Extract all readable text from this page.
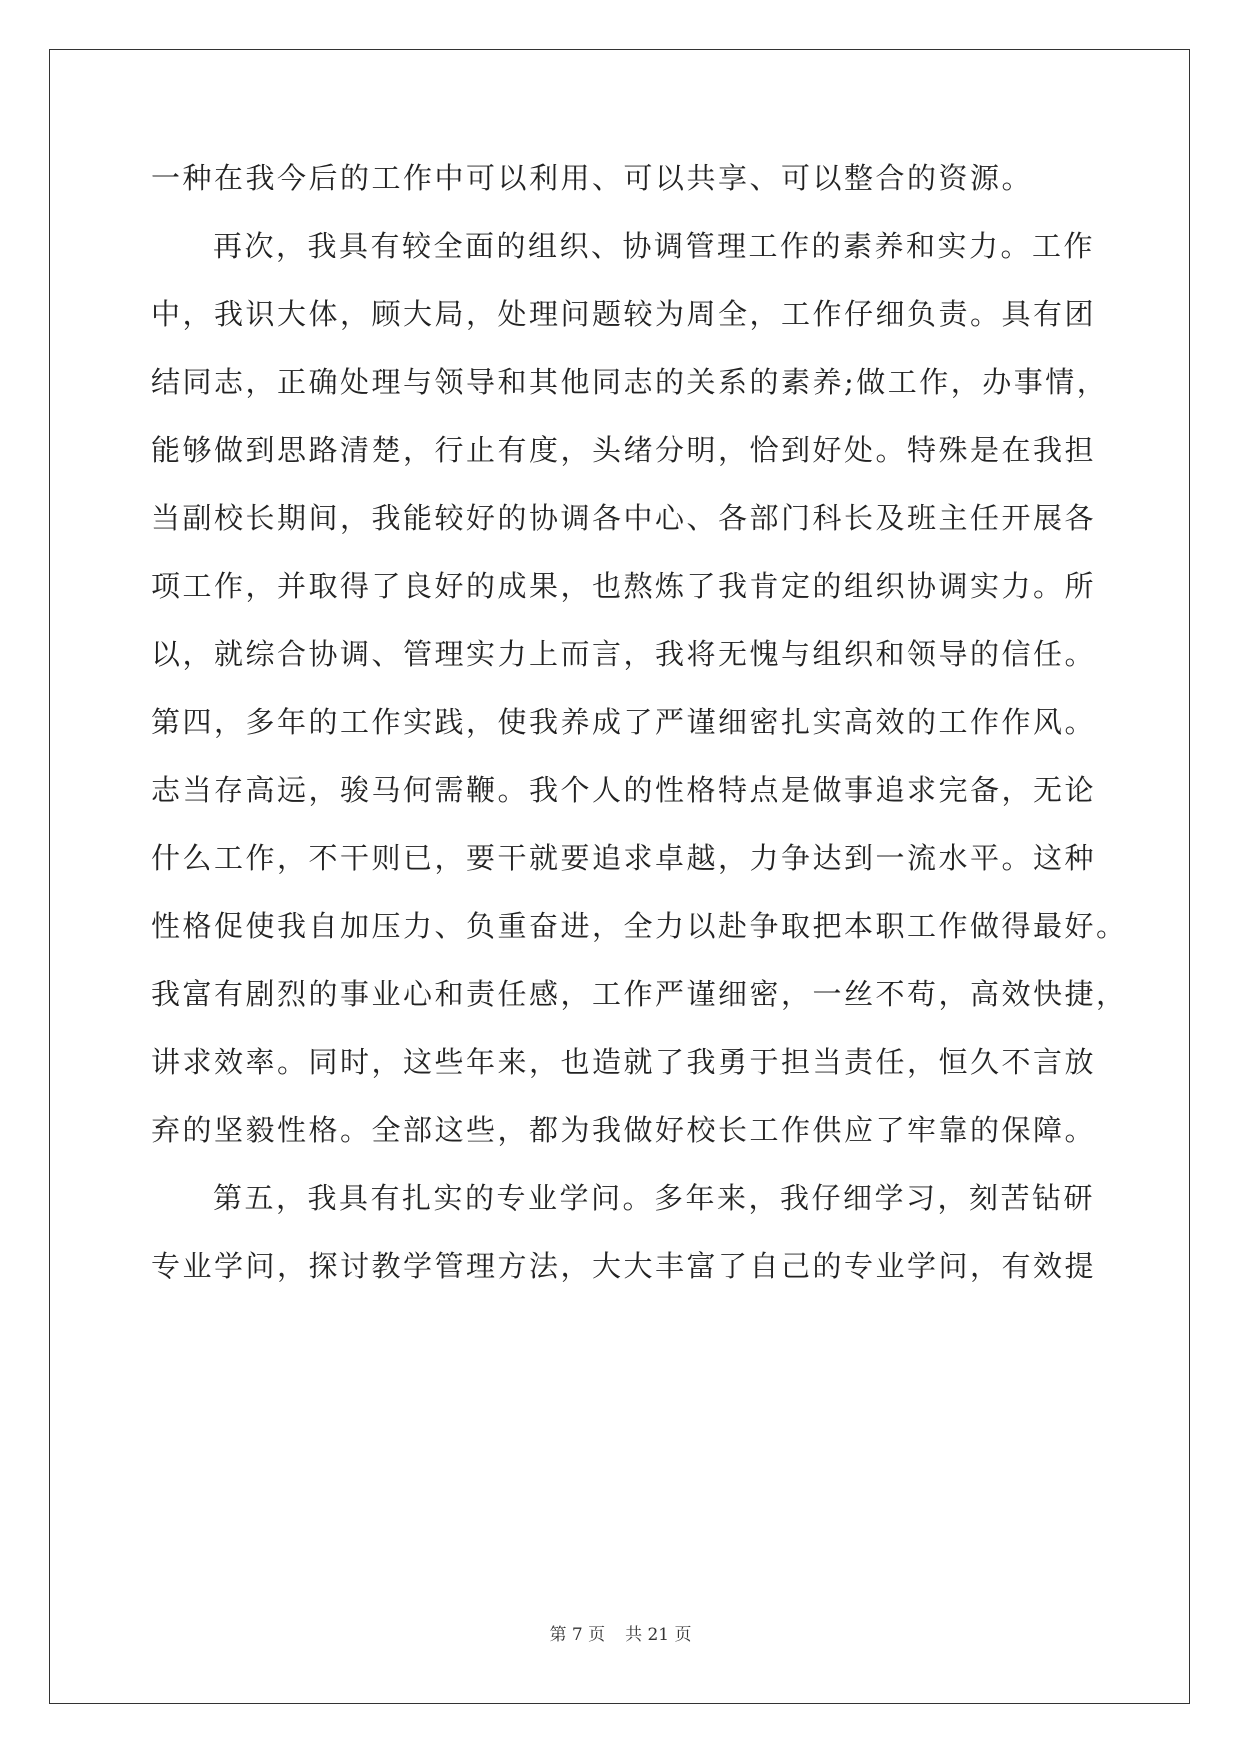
一种在我今后的工作中可以利用、可以共享、可以整合的资源。
再次，我具有较全面的组织、协调管理工作的素养和实力。工作
中，我识大体，顾大局，处理问题较为周全，工作仔细负责。具有团
结同志，正确处理与领导和其他同志的关系的素养;做工作，办事情，
能够做到思路清楚，行止有度，头绪分明，恰到好处。特殊是在我担
当副校长期间，我能较好的协调各中心、各部门科长及班主任开展各
项工作，并取得了良好的成果，也熬炼了我肯定的组织协调实力。所
以，就综合协调、管理实力上而言，我将无愧与组织和领导的信任。
第四，多年的工作实践，使我养成了严谨细密扎实高效的工作作风。
志当存高远，骏马何需鞭。我个人的性格特点是做事追求完备，无论
什么工作，不干则已，要干就要追求卓越，力争达到一流水平。这种
性格促使我自加压力、负重奋进，全力以赴争取把本职工作做得最好。
我富有剧烈的事业心和责任感，工作严谨细密，一丝不苟，高效快捷，
讲求效率。同时，这些年来，也造就了我勇于担当责任，恒久不言放
弃的坚毅性格。全部这些，都为我做好校长工作供应了牢靠的保障。
第五，我具有扎实的专业学问。多年来，我仔细学习，刻苦钻研
专业学问，探讨教学管理方法，大大丰富了自己的专业学问，有效提
第 7 页 共 21 页
